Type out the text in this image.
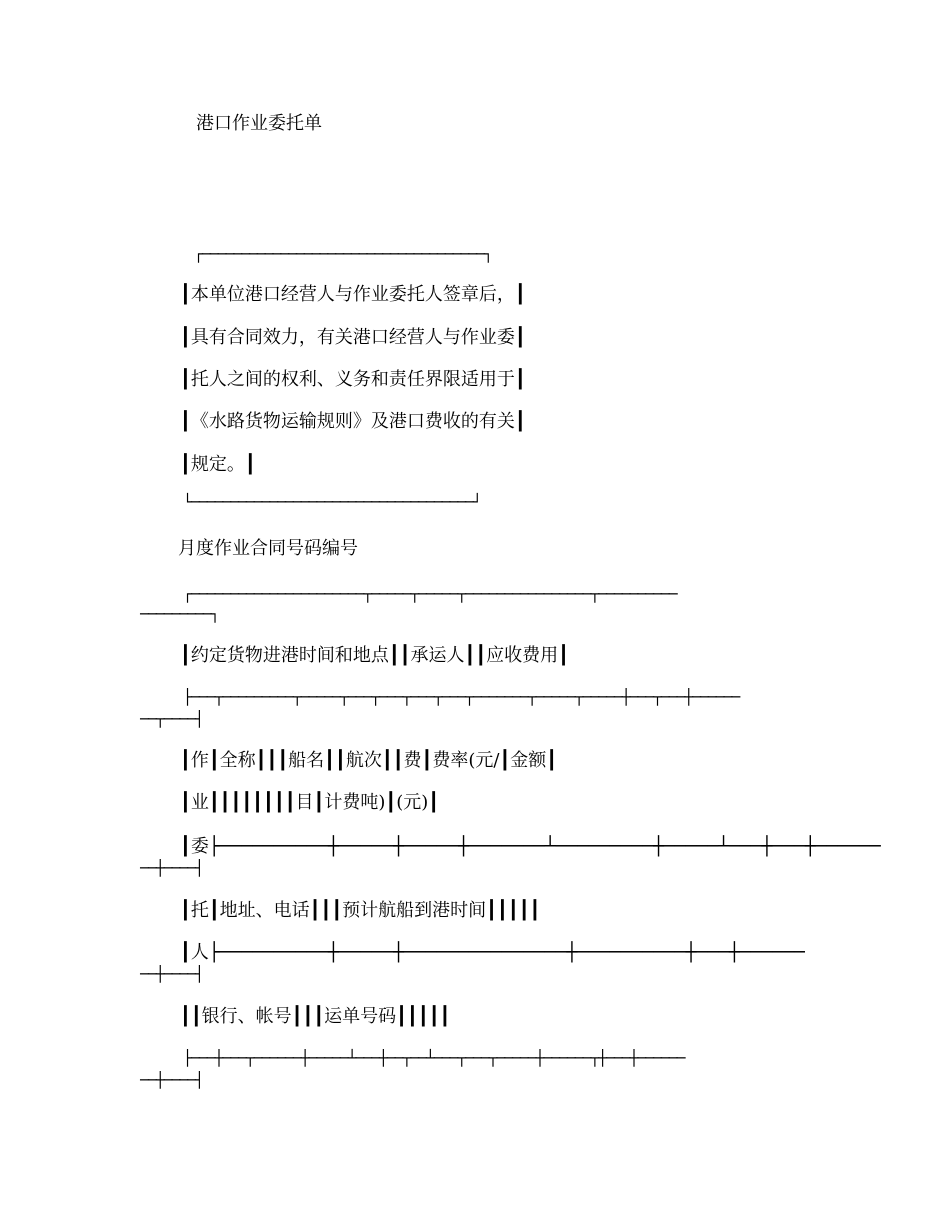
港口作业委托单
┌────────────────────────────────────┐
┃本单位港口经营人与作业委托人签章后，┃
┃具有合同效力，有关港口经营人与作业委┃
┃托人之间的权利、义务和责任界限适用于┃
┃《水路货物运输规则》及港口费收的有关┃
┃规定。┃
└────────────────────────────────────┘
月度作业合同号码编号
┌──────────────────────┬─────┬─────┬────────────────┬──────────
─────────┐
┃约定货物进港时间和地点┃┃承运人┃┃应收费用┃
├───┬─────────┬─────┬───┬───┬───┬───┬───────┬─────┬─────┼───┬───┼──────
──┬────┤
┃作┃全称┃┃┃船名┃┃航次┃┃费┃费率(元/┃金额┃
┃业┃┃┃┃┃┃┃┃目┃计费吨)┃(元)┃
┃委├──────────┼─────┼─────┼───────┴─────────┼─────┴───┼───┼──────
──┼────┤
┃托┃地址、电话┃┃┃预计航船到港时间┃┃┃┃┃
┃人├──────────┼─────┼───────────────┼──────────┼───┼──────
──┼────┤
┃┃银行、帐号┃┃┃运单号码┃┃┃┃┃
├───┼───┬──────┼─────┴───┼──┬──┴───┬───┬─────┼──────┬┼───┼──────
──┼────┤
